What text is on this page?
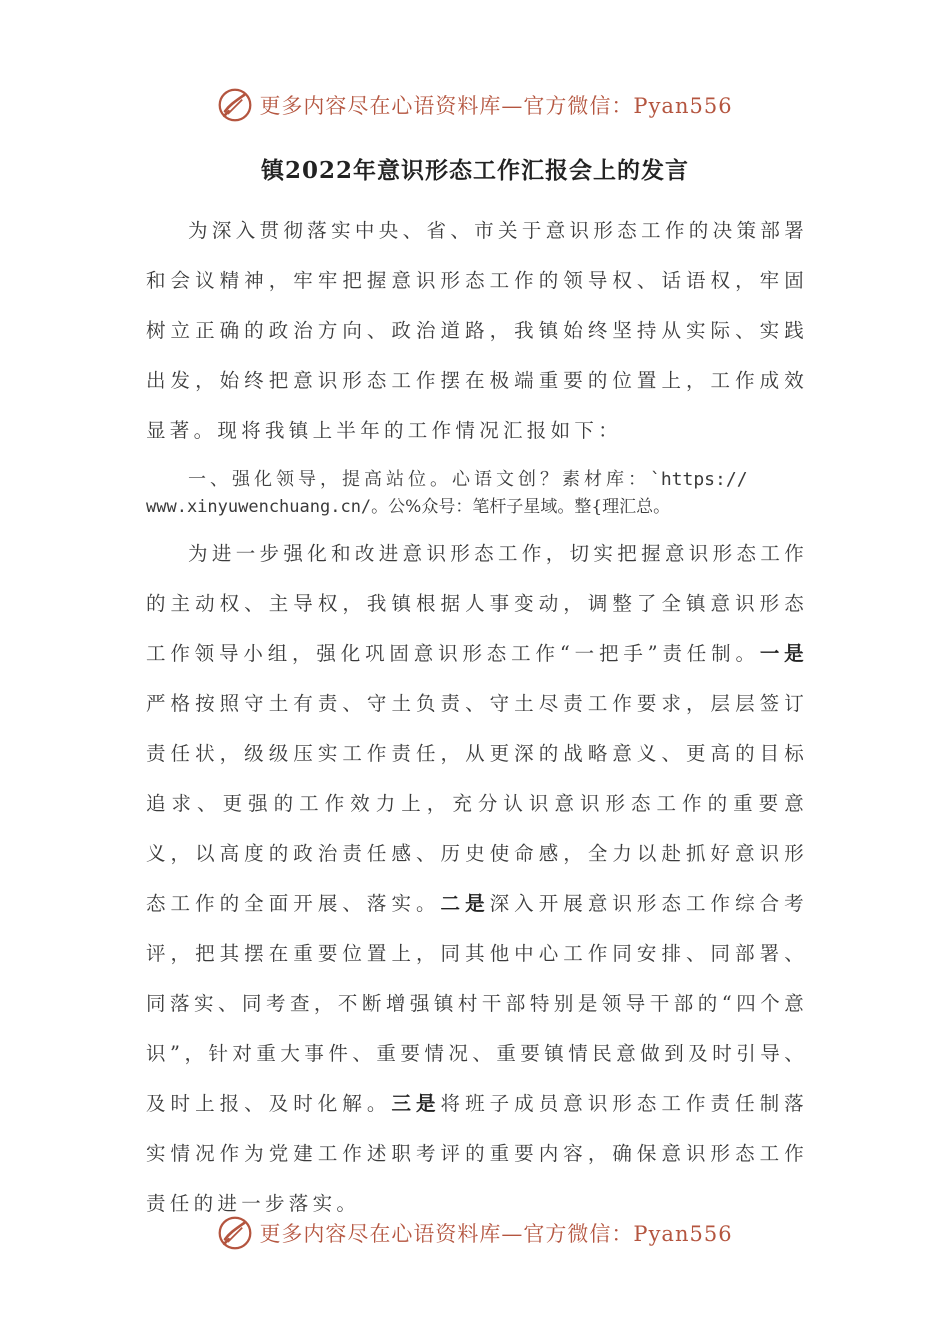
更多内容尽在心语资料库—官方微信：Pyan556
镇2022年意识形态工作汇报会上的发言

为深入贯彻落实中央、省、市关于意识形态工作的决策部署和会议精神，牢牢把握意识形态工作的领导权、话语权，牢固树立正确的政治方向、政治道路，我镇始终坚持从实际、实践出发，始终把意识形态工作摆在极端重要的位置上，工作成效显著。现将我镇上半年的工作情况汇报如下：

一、强化领导，提高站位。心语文创？素材库：`https://
www.xinyuwenchuang.cn/。公%众号：笔杆子星域。整{理汇总。

为进一步强化和改进意识形态工作，切实把握意识形态工作的主动权、主导权，我镇根据人事变动，调整了全镇意识形态工作领导小组，强化巩固意识形态工作“一把手”责任制。一是严格按照守土有责、守土负责、守土尽责工作要求，层层签订责任状，级级压实工作责任，从更深的战略意义、更高的目标追求、更强的工作效力上，充分认识意识形态工作的重要意义，以高度的政治责任感、历史使命感，全力以赴抓好意识形态工作的全面开展、落实。二是深入开展意识形态工作综合考评，把其摆在重要位置上，同其他中心工作同安排、同部署、同落实、同考查，不断增强镇村干部特别是领导干部的“四个意识”，针对重大事件、重要情况、重要镇情民意做到及时引导、及时上报、及时化解。三是将班子成员意识形态工作责任制落实情况作为党建工作述职考评的重要内容，确保意识形态工作责任的进一步落实。

更多内容尽在心语资料库—官方微信：Pyan556
